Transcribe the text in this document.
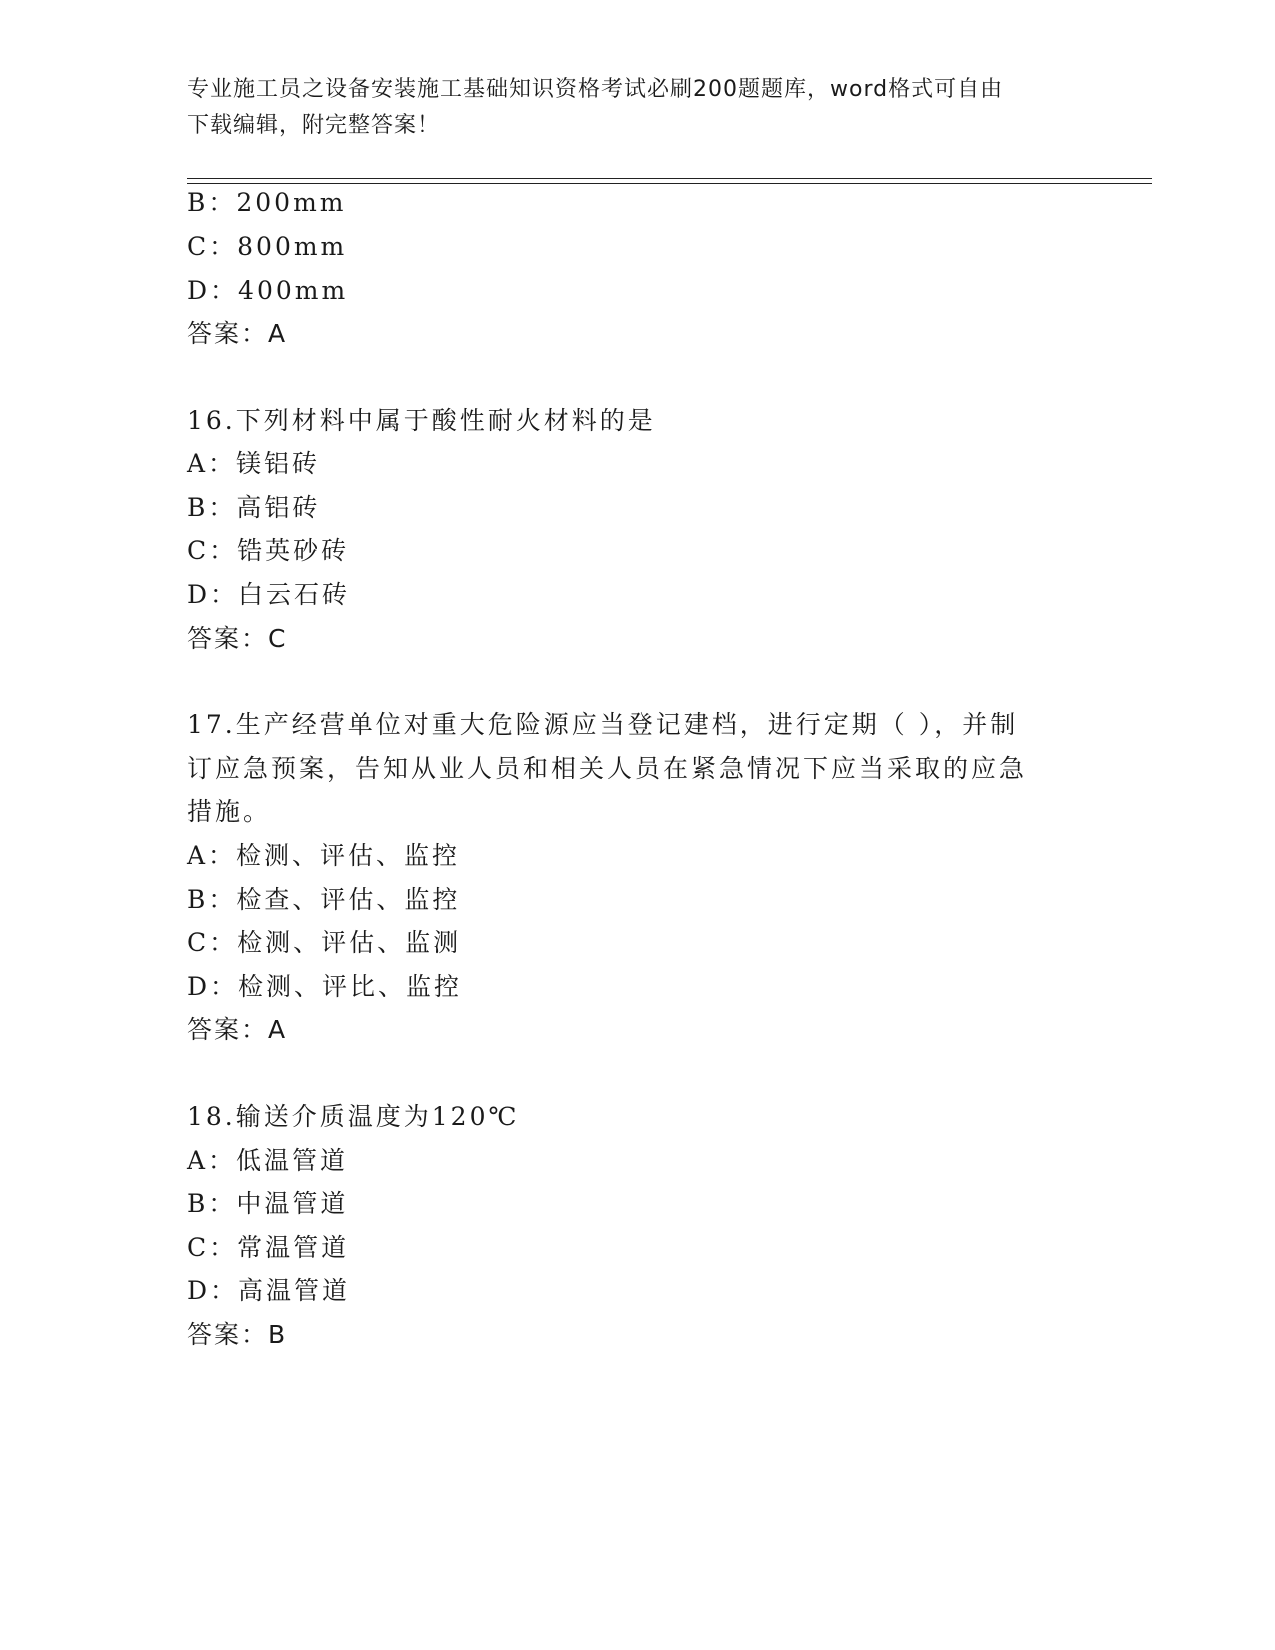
专业施工员之设备安装施工基础知识资格考试必刷200题题库，word格式可自由
下载编辑，附完整答案！
B：200mm
C：800mm
D：400mm
答案：A
16.下列材料中属于酸性耐火材料的是
A：镁铝砖
B：高铝砖
C：锆英砂砖
D：白云石砖
答案：C
17.生产经营单位对重大危险源应当登记建档，进行定期（ ），并制
订应急预案，告知从业人员和相关人员在紧急情况下应当采取的应急
措施。
A：检测、评估、监控
B：检查、评估、监控
C：检测、评估、监测
D：检测、评比、监控
答案：A
18.输送介质温度为120℃
A：低温管道
B：中温管道
C：常温管道
D：高温管道
答案：B
